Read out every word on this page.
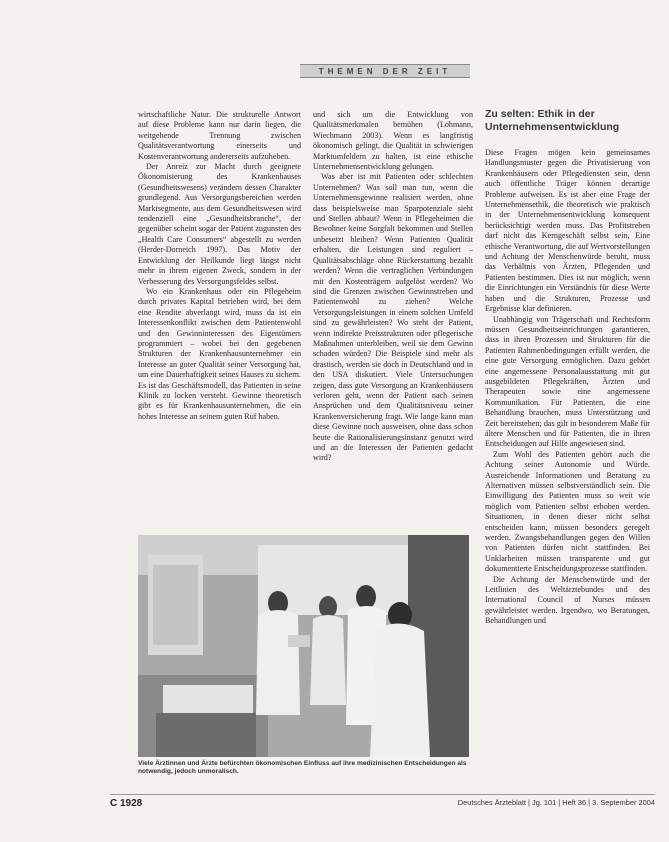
THEMEN DER ZEIT

wirtschaftliche Natur. Die strukturelle Antwort auf diese Probleme kann nur darin liegen, die weitgehende Trennung zwischen Qualitätsverantwortung einerseits und Kostenverantwortung andererseits aufzuheben.

Der Anreiz zur Macht durch geeignete Ökonomisierung des Krankenhauses (Gesundheitswesens) verändern dessen Charakter grundlegend. Aus Versorgungsbereichen werden Marktsegmente, aus dem Gesundheitswesen wird tendenziell eine „Gesundheitsbranche“, der gegenüber scheint sogar der Patient zugunsten des „Health Care Consumers“ abgestellt zu werden (Herder-Dorneich 1997). Das Motiv der Entwicklung der Heilkunde liegt längst nicht mehr in ihrem eigenen Zweck, sondern in der Verbesserung des Versorgungsfeldes selbst.

Wo ein Krankenhaus oder ein Pflegeheim durch privates Kapital betrieben wird, bei dem eine Rendite abverlangt wird, muss da ist ein Interessenkonflikt zwischen dem Patientenwohl und den Gewinninteressen des Eigentümers programmiert – wobei bei den gegebenen Strukturen der Krankenhausunternehmer ein Interesse an guter Qualität seiner Versorgung hat, um eine Dauerhaftigkeit seines Hauses zu sichern. Es ist das Geschäftsmodell, das Patienten in seine Klinik zu locken versteht. Gewinne theoretisch gibt es für Krankenhausunternehmen, die ein hohes Interesse an seinem guten Ruf haben.

und sich um die Entwicklung von Qualitätsmerkmalen bemühen (Lohmann, Wiechmann 2003). Wenn es langfristig ökonomisch gelingt, die Qualität in schwierigen Marktumfeldern zu halten, ist eine ethische Unternehmensentwicklung gelungen.

Was aber ist mit Patienten oder schlechten Unternehmen? Was soll man tun, wenn die Unternehmensgewinne realisiert werden, ohne dass beispielsweise man Sparpotenziale sieht und Stellen abbaut? Wenn in Pflegeheimen die Bewohner keine Sorgfalt bekommen und Stellen unbesetzt bleiben? Wenn Patienten Qualität erhalten, die Leistungen sind reguliert – Qualitätsabschläge ohne Rückerstattung bezahlt werden? Wenn die vertraglichen Verbindungen mit den Kostenträgern aufgelöst werden? Wo sind die Grenzen zwischen Gewinnstreben und Patientenwohl zu ziehen? Welche Versorgungsleistungen in einem solchen Umfeld sind zu gewährleisten? Wo steht der Patient, wenn indirekte Preisstrukturen oder pflegerische Maßnahmen unterbleiben, weil sie dem Gewinn schaden würden? Die Beispiele sind mehr als drastisch, werden sie doch in Deutschland und in den USA diskutiert. Viele Untersuchungen zeigen, dass gute Versorgung an Krankenhäusern verloren geht, wenn der Patient nach seinen Ansprüchen und dem Qualitätsniveau seiner Krankenversicherung fragt. Wie lange kann man diese Gewinne noch ausweisen, ohne dass schon heute die Rationalisierungsinstanz genutzt wird und an die Interessen der Patienten gedacht wird?

Zu selten: Ethik in der Unternehmensentwicklung

Diese Fragen mögen kein gemeinsames Handlungsmuster gegen die Privatisierung von Krankenhäusern oder Pflegediensten sein, denn auch öffentliche Träger können derartige Probleme aufweisen. Es ist aber eine Frage der Unternehmensethik, die theoretisch wie praktisch in der Unternehmensentwicklung konsequent berücksichtigt werden muss. Das Profitstreben darf nicht das Kerngeschäft selbst sein, Eine ethische Verantwortung, die auf Wertvorstellungen und Achtung der Menschenwürde beruht, muss das Verhältnis von Ärzten, Pflegenden und Patienten bestimmen. Dies ist nur möglich, wenn die Einrichtungen ein Verständnis für diese Werte haben und die Strukturen, Prozesse und Ergebnisse klar definieren.

Unabhängig von Trägerschaft und Rechtsform müssen Gesundheitseinrichtungen garantieren, dass in ihren Prozessen und Strukturen für die Patienten Rahmenbedingungen erfüllt werden, die eine gute Versorgung ermöglichen. Dazu gehört eine angemessene Personalausstattung mit gut ausgebildeten Pflegekräften, Ärzten und Therapeuten sowie eine angemessene Kommunikation. Für Patienten, die eine Behandlung brauchen, muss Unterstützung und Zeit bereitstehen; das gilt in besonderem Maße für ältere Menschen und für Patienten, die in ihren Entscheidungen auf Hilfe angewiesen sind.

Zum Wohl des Patienten gehört auch die Achtung seiner Autonomie und Würde. Ausreichende Informationen und Beratung zu Alternativen müssen selbstverständlich sein. Die Einwilligung des Patienten muss so weit wie möglich vom Patienten selbst erhoben werden. Situationen, in denen dieser nicht selbst entscheiden kann, müssen besonders geregelt werden. Zwangsbehandlungen gegen den Willen von Patienten dürfen nicht stattfinden. Bei Unklarheiten müssen transparente und gut dokumentierte Entscheidungsprozesse stattfinden.

Die Achtung der Menschenwürde und der Leitlinien des Weltärztebundes und des International Council of Nurses müssen gewährleistet werden. Irgendwo, wo Beratungen, Behandlungen und

Viele Ärztinnen und Ärzte befürchten ökonomischen Einfluss auf ihre medizinischen Entscheidungen als notwendig, jedoch unmoralisch.
C 1928	Deutsches Ärzteblatt | Jg. 101 | Heft 36 | 3. September 2004
